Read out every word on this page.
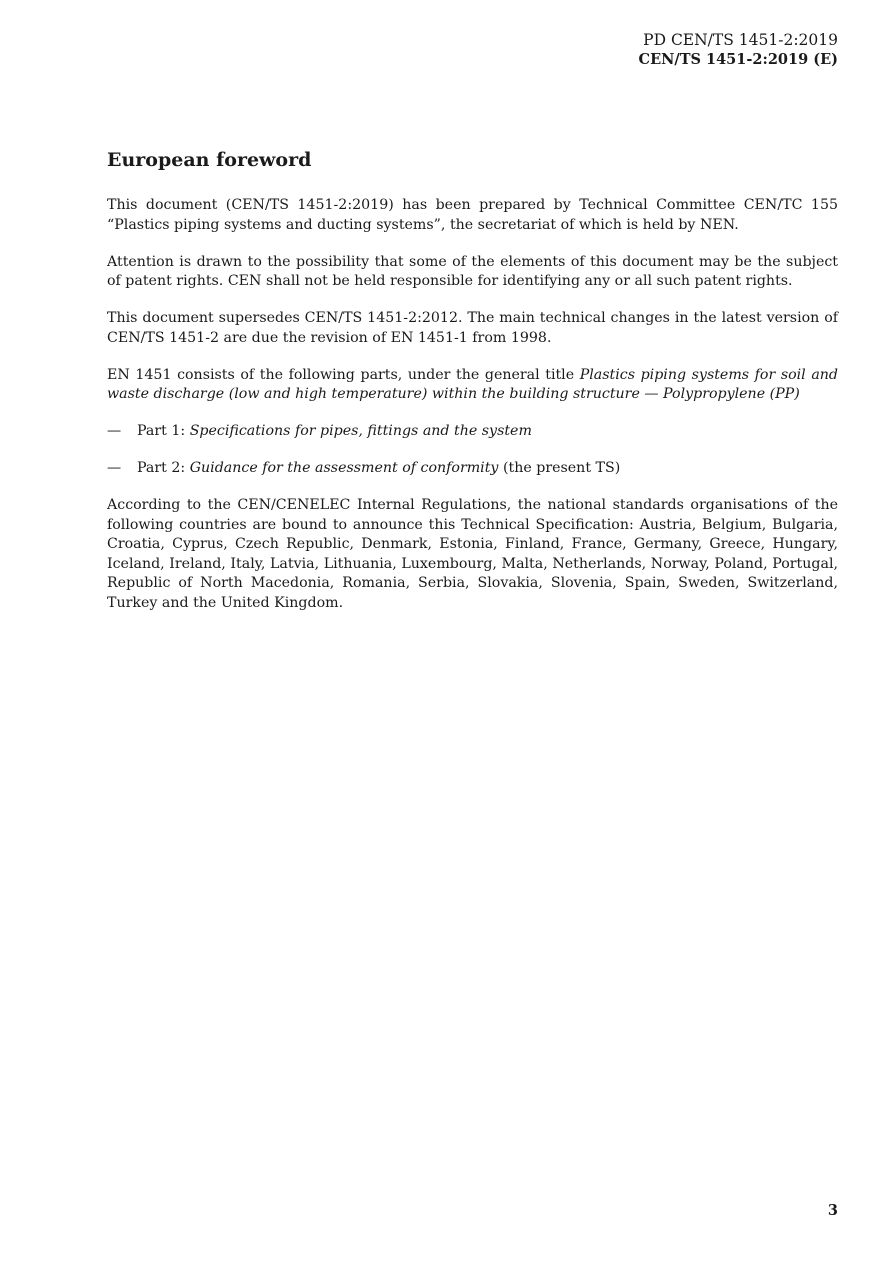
PD CEN/TS 1451-2:2019
CEN/TS 1451-2:2019 (E)
European foreword

This document (CEN/TS 1451-2:2019) has been prepared by Technical Committee CEN/TC 155 “Plastics piping systems and ducting systems”, the secretariat of which is held by NEN.

Attention is drawn to the possibility that some of the elements of this document may be the subject of patent rights. CEN shall not be held responsible for identifying any or all such patent rights.

This document supersedes CEN/TS 1451-2:2012. The main technical changes in the latest version of CEN/TS 1451-2 are due the revision of EN 1451-1 from 1998.

EN 1451 consists of the following parts, under the general title Plastics piping systems for soil and waste discharge (low and high temperature) within the building structure — Polypropylene (PP)

—	Part 1: Specifications for pipes, fittings and the system
—	Part 2: Guidance for the assessment of conformity (the present TS)

According to the CEN/CENELEC Internal Regulations, the national standards organisations of the following countries are bound to announce this Technical Specification: Austria, Belgium, Bulgaria, Croatia, Cyprus, Czech Republic, Denmark, Estonia, Finland, France, Germany, Greece, Hungary, Iceland, Ireland, Italy, Latvia, Lithuania, Luxembourg, Malta, Netherlands, Norway, Poland, Portugal, Republic of North Macedonia, Romania, Serbia, Slovakia, Slovenia, Spain, Sweden, Switzerland, Turkey and the United Kingdom.

3
